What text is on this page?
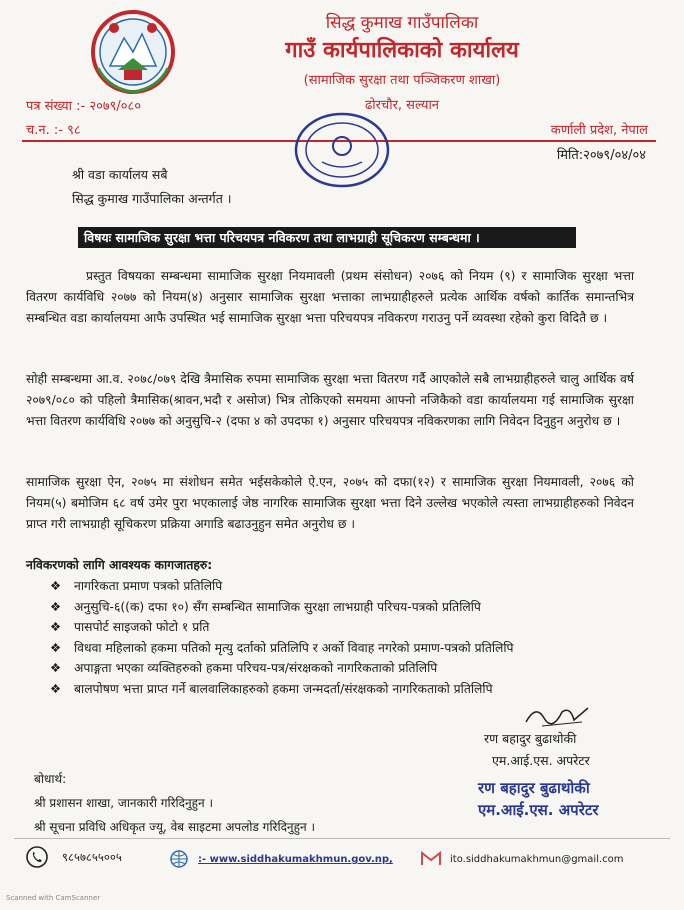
सिद्ध कुमाख गाउँपालिका
गाउँ कार्यपालिकाको कार्यालय
(सामाजिक सुरक्षा तथा पञ्जिकरण शाखा)
ढोरचौर, सल्यान
पत्र संख्या :- २०७९/०८०
च.न. :- ९८	कर्णाली प्रदेश, नेपाल
मिति:२०७९/०४/०४
श्री वडा कार्यालय सबै
सिद्ध कुमाख गाउँपालिका अन्तर्गत ।
विषयः सामाजिक सुरक्षा भत्ता परिचयपत्र नविकरण तथा लाभग्राही सूचिकरण सम्बन्धमा ।

प्रस्तुत विषयका सम्बन्धमा सामाजिक सुरक्षा नियमावली (प्रथम संसोधन) २०७६ को नियम (९) र सामाजिक सुरक्षा भत्ता वितरण कार्यविधि २०७७ को नियम(४) अनुसार सामाजिक सुरक्षा भत्ताका लाभग्राहीहरुले प्रत्येक आर्थिक वर्षको कार्तिक समान्तभित्र सम्बन्धित वडा कार्यालयमा आफै उपस्थित भई सामाजिक सुरक्षा भत्ता परिचयपत्र नविकरण गराउनु पर्ने व्यवस्था रहेको कुरा विदितै छ ।

सोही सम्बन्धमा आ.व. २०७८/०७९ देखि त्रैमासिक रुपमा सामाजिक सुरक्षा भत्ता वितरण गर्दै आएकोले सबै लाभग्राहीहरुले चालु आर्थिक वर्ष २०७९/०८० को पहिलो त्रैमासिक(श्रावन,भदौ र असोज) भित्र तोकिएको समयमा आफ्नो नजिकैको वडा कार्यालयमा गई सामाजिक सुरक्षा भत्ता वितरण कार्यविधि २०७७ को अनुसुचि-२ (दफा ४ को उपदफा १) अनुसार परिचयपत्र नविकरणका लागि निवेदन दिनुहुन अनुरोध छ ।

सामाजिक सुरक्षा ऐन, २०७५ मा संशोधन समेत भईसकेकोले ऐ.एन, २०७५ को दफा(१२) र सामाजिक सुरक्षा नियमावली, २०७६ को नियम(५) बमोजिम ६८ वर्ष उमेर पुरा भएकालाई जेष्ठ नागरिक सामाजिक सुरक्षा भत्ता दिने उल्लेख भएकोले त्यस्ता लाभग्राहीहरुको निवेदन प्राप्त गरी लाभग्राही सूचिकरण प्रक्रिया अगाडि बढाउनुहुन समेत अनुरोध छ ।

नविकरणको लागि आवश्यक कागजातहरु:
❖ नागरिकता प्रमाण पत्रको प्रतिलिपि
❖ अनुसुचि-६((क) दफा १०) सँग सम्बन्धित सामाजिक सुरक्षा लाभग्राही परिचय-पत्रको प्रतिलिपि
❖ पासपोर्ट साइजको फोटो १ प्रति
❖ विधवा महिलाको हकमा पतिको मृत्यु दर्ताको प्रतिलिपि र अर्को विवाह नगरेको प्रमाण-पत्रको प्रतिलिपि
❖ अपाङ्गता भएका व्यक्तिहरुको हकमा परिचय-पत्र/संरक्षकको नागरिकताको प्रतिलिपि
❖ बालपोषण भत्ता प्राप्त गर्ने बालवालिकाहरुको हकमा जन्मदर्ता/संरक्षकको नागरिकताको प्रतिलिपि
रण बहादुर बुढाथोकी
एम.आई.एस. अपरेटर
रण बहादुर बुढाथोकी
एम.आई.एस. अपरेटर
बोधार्थ:
श्री प्रशासन शाखा, जानकारी गरिदिनुहुन ।
श्री सूचना प्रविधि अधिकृत ज्यू, वेब साइटमा अपलोड गरिदिनुहुन ।
९८५७८५५००५	:- www.siddhakumakhmun.gov.np,	ito.siddhakumakhmun@gmail.com
Scanned with CamScanner
